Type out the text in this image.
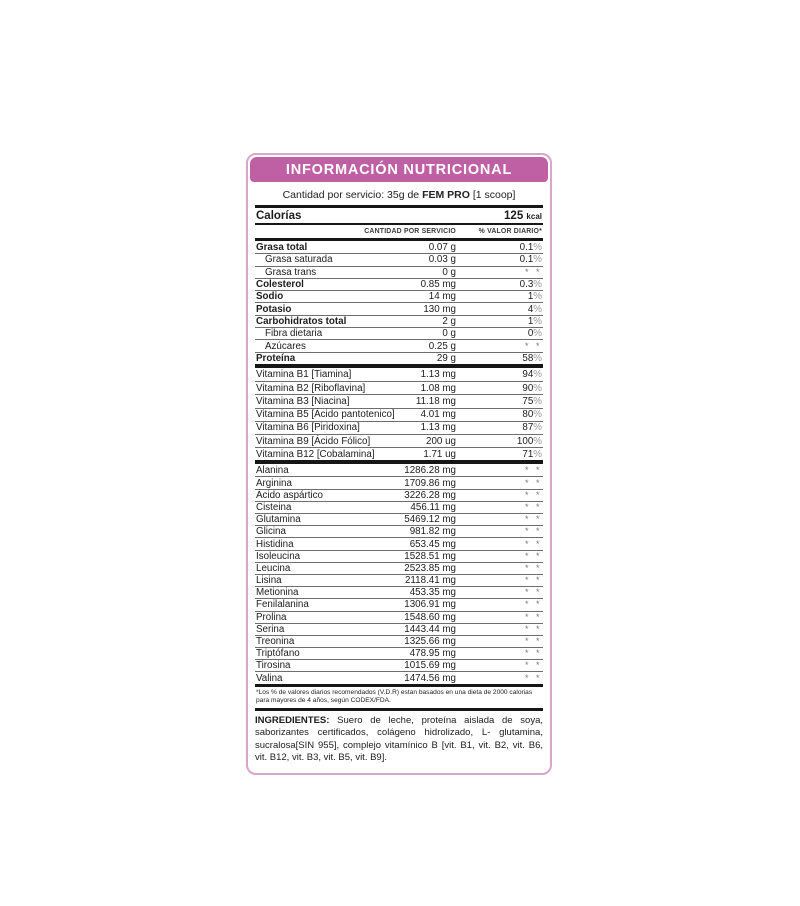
INFORMACIÓN NUTRICIONAL
Cantidad por servicio: 35g de FEM PRO [1 scoop]
Calorías	125 kcal
CANTIDAD POR SERVICIO	% VALOR DIARIO*
Grasa total	0.07 g	0.1%
Grasa saturada	0.03 g	0.1%
Grasa trans	0 g	* *
Colesterol	0.85 mg	0.3%
Sodio	14 mg	1%
Potasio	130 mg	4%
Carbohidratos total	2 g	1%
Fibra dietaria	0 g	0%
Azúcares	0.25 g	* *
Proteína	29 g	58%
Vitamina B1 [Tiamina]	1.13 mg	94%
Vitamina B2 [Riboflavina]	1.08 mg	90%
Vitamina B3 [Niacina]	11.18 mg	75%
Vitamina B5 [Ácido pantotenico]	4.01 mg	80%
Vitamina B6 [Piridoxina]	1.13 mg	87%
Vitamina B9 [Ácido Fólico]	200 ug	100%
Vitamina B12 [Cobalamina]	1.71 ug	71%
Alanina	1286.28 mg	* *
Arginina	1709.86 mg	* *
Ácido aspártico	3226.28 mg	* *
Cisteina	456.11 mg	* *
Glutamina	5469.12 mg	* *
Glicina	981.82 mg	* *
Histidina	653.45 mg	* *
Isoleucina	1528.51 mg	* *
Leucina	2523.85 mg	* *
Lisina	2118.41 mg	* *
Metionina	453.35 mg	* *
Fenilalanina	1306.91 mg	* *
Prolina	1548.60 mg	* *
Serina	1443.44 mg	* *
Treonina	1325.66 mg	* *
Triptófano	478.95 mg	* *
Tirosina	1015.69 mg	* *
Valina	1474.56 mg	* *
*Los % de valores diarios recomendados (V.D.R) estan basados en una dieta de 2000 calorias para mayores de 4 años, según CODEX/FDA.
INGREDIENTES: Suero de leche, proteína aislada de soya, saborizantes certificados, colágeno hidrolizado, L- glutamina, sucralosa[SIN 955], complejo vitamínico B [vit. B1, vit. B2, vit. B6, vit. B12, vit. B3, vit. B5, vit. B9].
